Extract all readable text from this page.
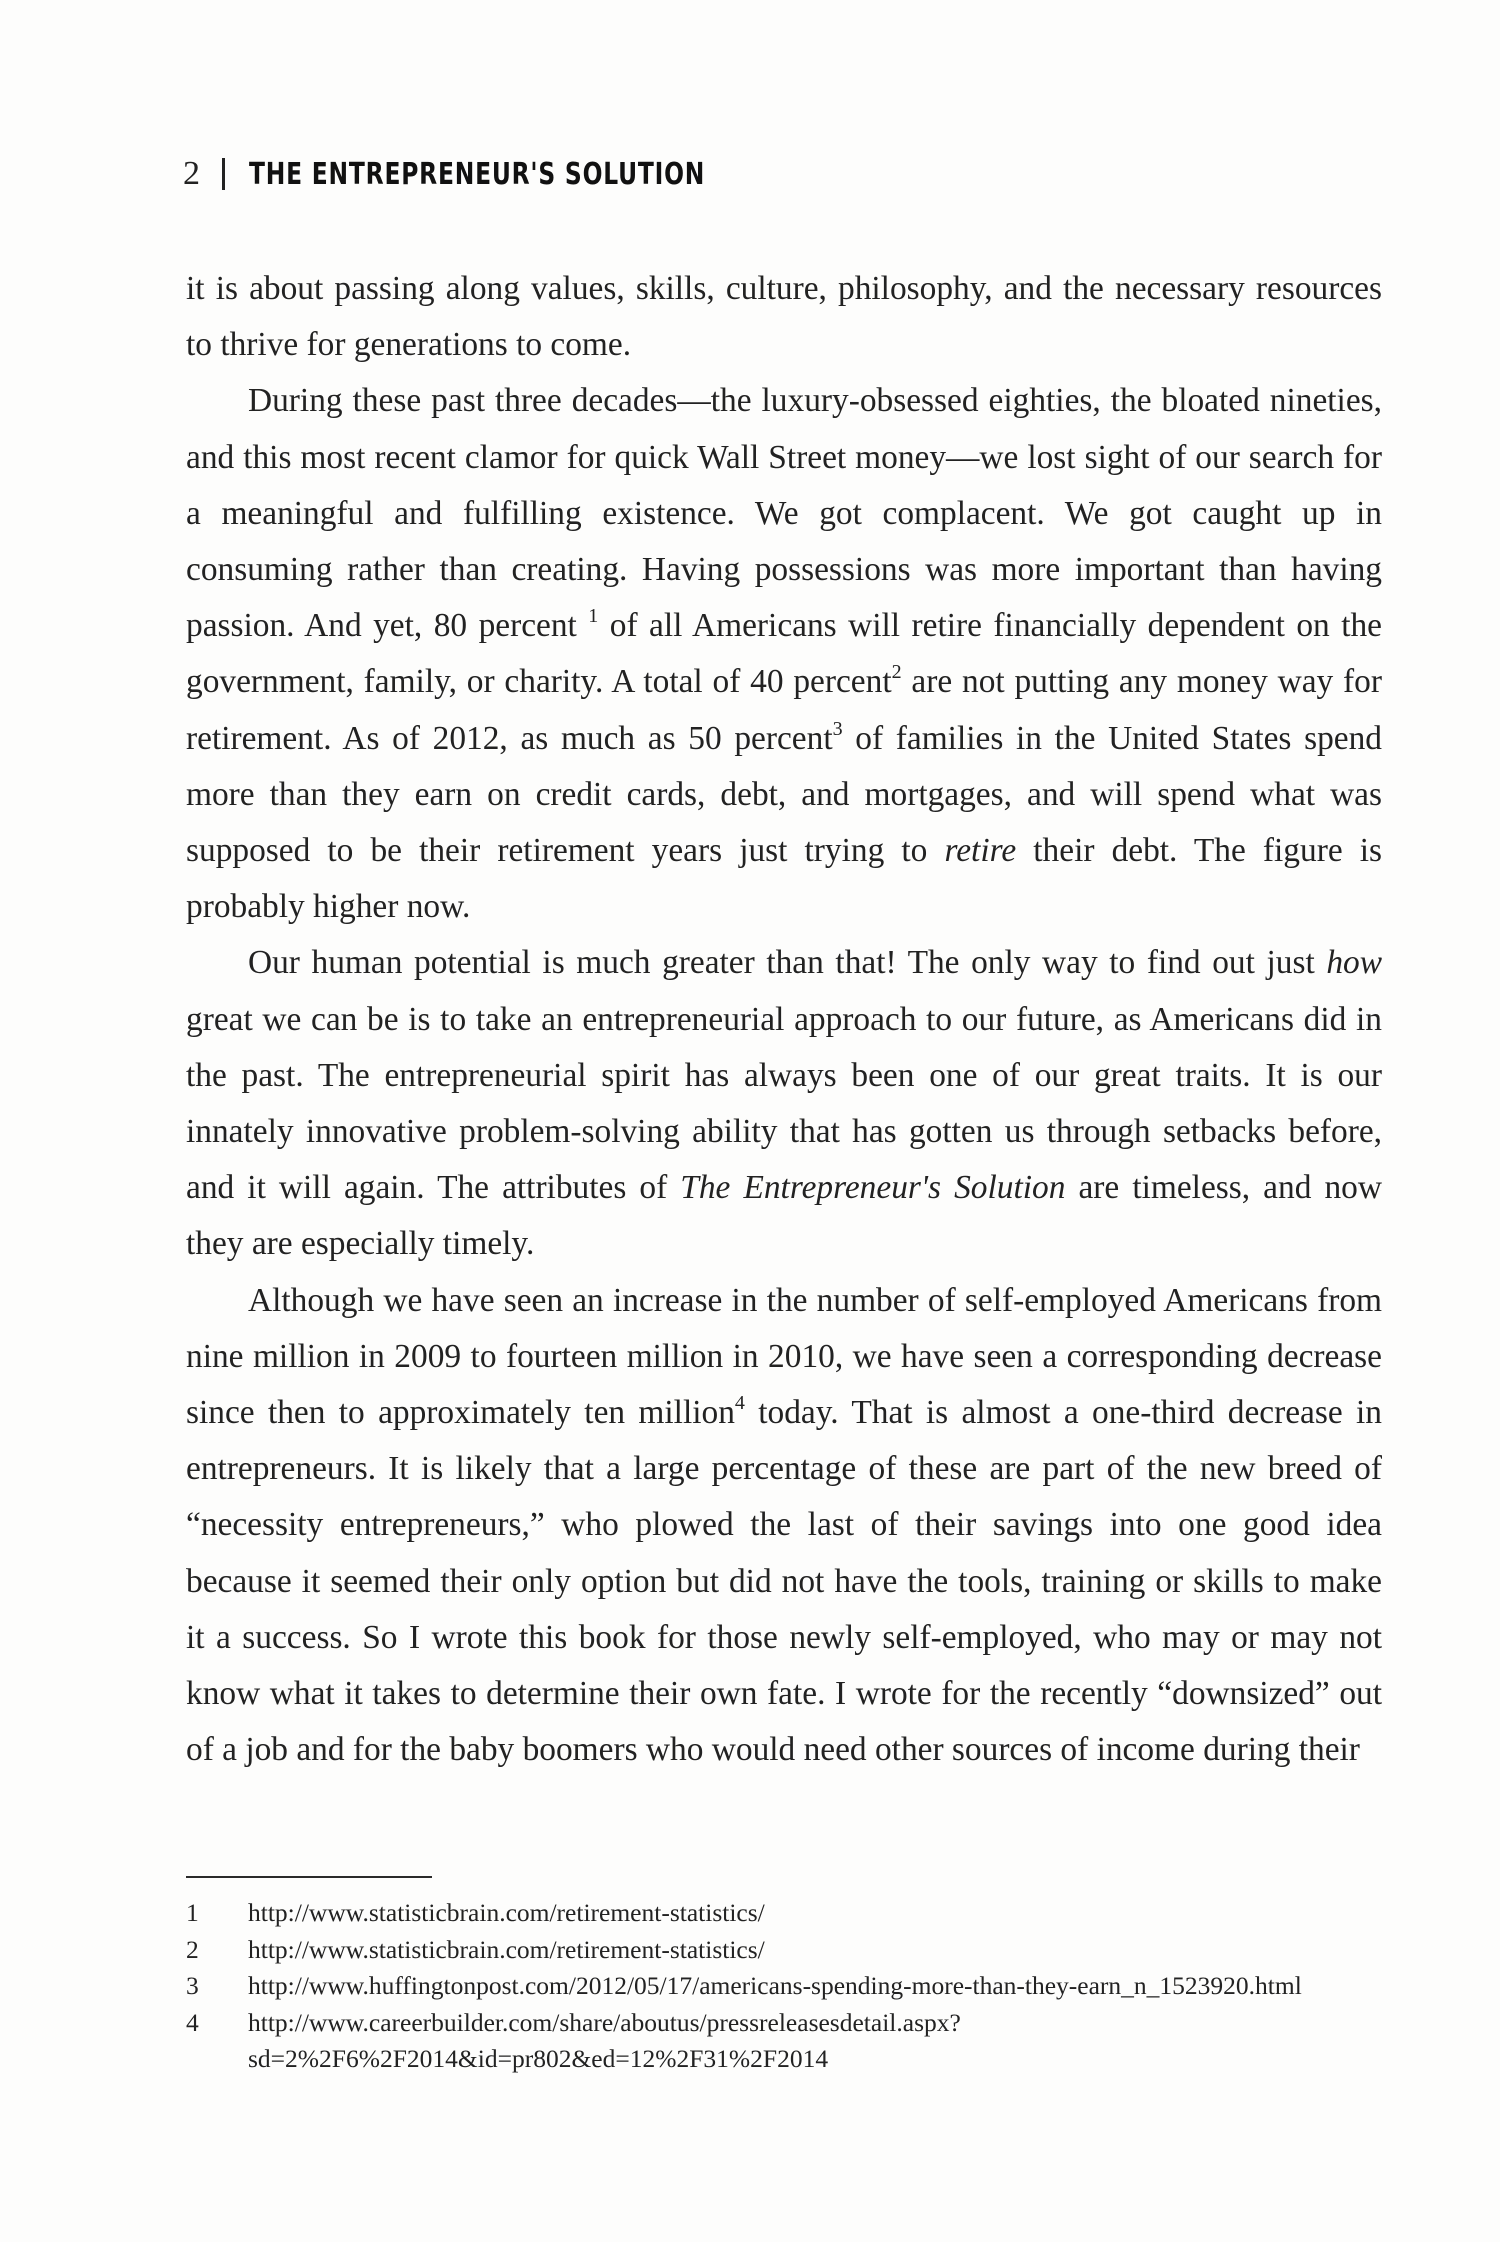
2 THE ENTREPRENEUR'S SOLUTION

it is about passing along values, skills, culture, philosophy, and the necessary resources to thrive for generations to come.

During these past three decades—the luxury-obsessed eighties, the bloated nineties, and this most recent clamor for quick Wall Street money—we lost sight of our search for a meaningful and fulfilling existence. We got complacent. We got caught up in consuming rather than creating. Having possessions was more important than having passion. And yet, 80 percent $^1$ of all Americans will retire financially dependent on the government, family, or charity. A total of 40 percent$^2$ are not putting any money way for retirement. As of 2012, as much as 50 percent$^3$ of families in the United States spend more than they earn on credit cards, debt, and mortgages, and will spend what was supposed to be their retirement years just trying to retire their debt. The figure is probably higher now.

Our human potential is much greater than that! The only way to find out just how great we can be is to take an entrepreneurial approach to our future, as Americans did in the past. The entrepreneurial spirit has always been one of our great traits. It is our innately innovative problem-solving ability that has gotten us through setbacks before, and it will again. The attributes of The Entrepreneur's Solution are timeless, and now they are especially timely.

Although we have seen an increase in the number of self-employed Americans from nine million in 2009 to fourteen million in 2010, we have seen a corresponding decrease since then to approximately ten million$^4$ today. That is almost a one-third decrease in entrepreneurs. It is likely that a large percentage of these are part of the new breed of “necessity entrepreneurs,” who plowed the last of their savings into one good idea because it seemed their only option but did not have the tools, training or skills to make it a success. So I wrote this book for those newly self-employed, who may or may not know what it takes to determine their own fate. I wrote for the recently “downsized” out of a job and for the baby boomers who would need other sources of income during their

1	http://www.statisticbrain.com/retirement-statistics/
2	http://www.statisticbrain.com/retirement-statistics/
3	http://www.huffingtonpost.com/2012/05/17/americans-spending-more-than-they-earn_n_1523920.html
4	http://www.careerbuilder.com/share/aboutus/pressreleasesdetail.aspx?sd=2%2F6%2F2014&id=pr802&ed=12%2F31%2F2014
